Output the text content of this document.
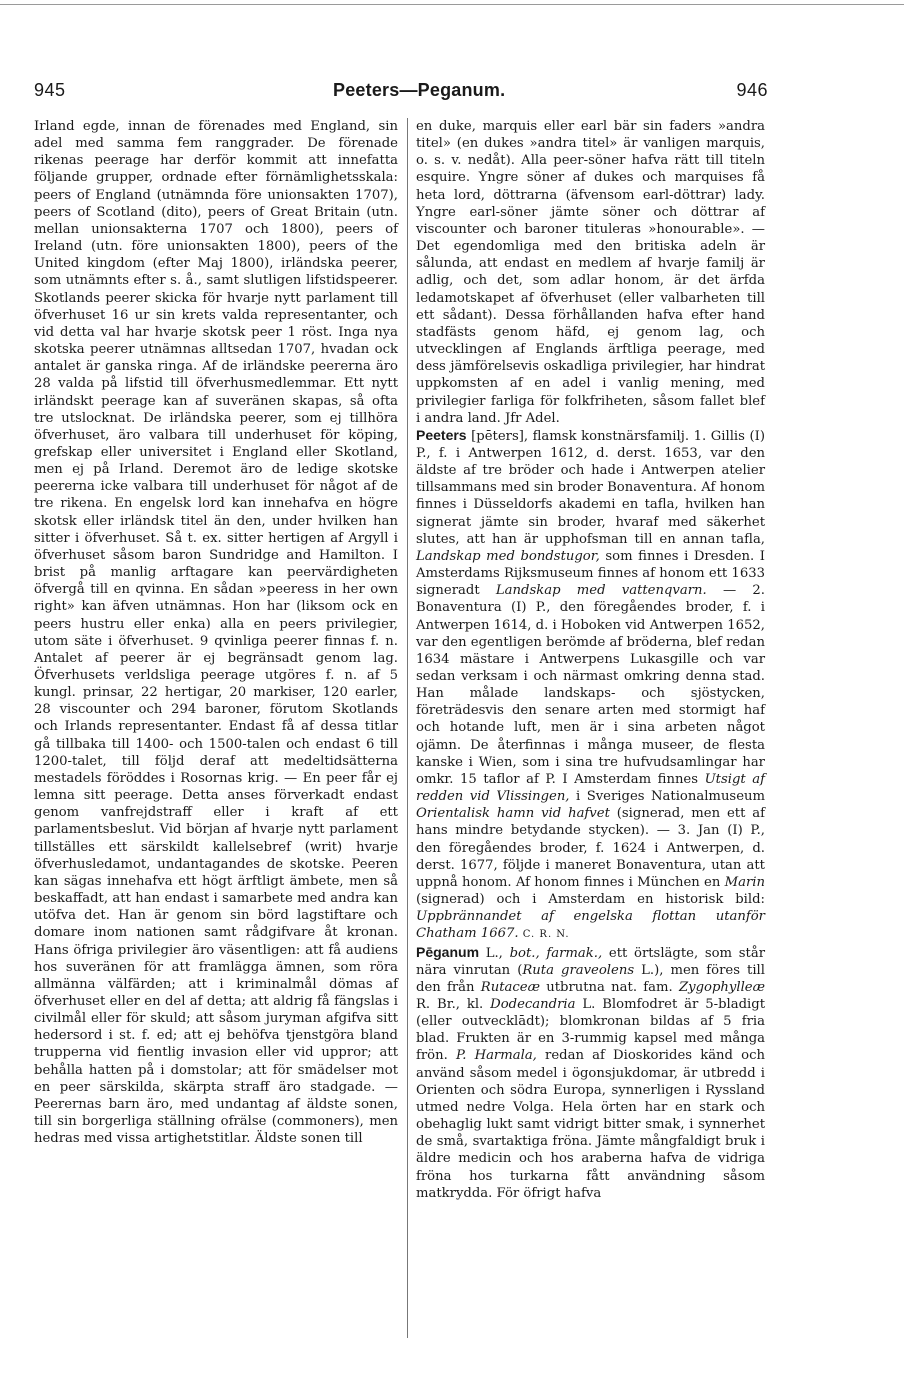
945	Peeters—Peganum.	946

Irland egde, innan de förenades med England, sin adel med samma fem ranggrader. De förenade rikenas peerage har derför kommit att innefatta följande grupper, ordnade efter förnämlighetsskala: peers of England (utnämnda före unionsakten 1707), peers of Scotland (dito), peers of Great Britain (utn. mellan unionsakterna 1707 och 1800), peers of Ireland (utn. före unionsakten 1800), peers of the United kingdom (efter Maj 1800), irländska peerer, som utnämnts efter s. å., samt slutligen lifstidspeerer. Skotlands peerer skicka för hvarje nytt parlament till öfverhuset 16 ur sin krets valda representanter, och vid detta val har hvarje skotsk peer 1 röst. Inga nya skotska peerer utnämnas alltsedan 1707, hvadan ock antalet är ganska ringa. Af de irländske peererna äro 28 valda på lifstid till öfverhusmedlemmar. Ett nytt irländskt peerage kan af suveränen skapas, så ofta tre utslocknat. De irländska peerer, som ej tillhöra öfverhuset, äro valbara till underhuset för köping, grefskap eller universitet i England eller Skotland, men ej på Irland. Deremot äro de ledige skotske peererna icke valbara till underhuset för något af de tre rikena. En engelsk lord kan innehafva en högre skotsk eller irländsk titel än den, under hvilken han sitter i öfverhuset. Så t. ex. sitter hertigen af Argyll i öfverhuset såsom baron Sundridge and Hamilton. I brist på manlig arftagare kan peervärdigheten öfvergå till en qvinna. En sådan »peeress in her own right» kan äfven utnämnas. Hon har (liksom ock en peers hustru eller enka) alla en peers privilegier, utom säte i öfverhuset. 9 qvinliga peerer finnas f. n. Antalet af peerer är ej begränsadt genom lag. Öfverhusets verldsliga peerage utgöres f. n. af 5 kungl. prinsar, 22 hertigar, 20 markiser, 120 earler, 28 viscounter och 294 baroner, förutom Skotlands och Irlands representanter. Endast få af dessa titlar gå tillbaka till 1400- och 1500-talen och endast 6 till 1200-talet, till följd deraf att medeltidsätterna mestadels föröddes i Rosornas krig. — En peer får ej lemna sitt peerage. Detta anses förverkadt endast genom vanfrejdstraff eller i kraft af ett parlamentsbeslut. Vid början af hvarje nytt parlament tillställes ett särskildt kallelsebref (writ) hvarje öfverhusledamot, undantagandes de skotske. Peeren kan sägas innehafva ett högt ärftligt ämbete, men så beskaffadt, att han endast i samarbete med andra kan utöfva det. Han är genom sin börd lagstiftare och domare inom nationen samt rådgifvare åt kronan. Hans öfriga privilegier äro väsentligen: att få audiens hos suveränen för att framlägga ämnen, som röra allmänna välfärden; att i kriminalmål dömas af öfverhuset eller en del af detta; att aldrig få fängslas i civilmål eller för skuld; att såsom juryman afgifva sitt hedersord i st. f. ed; att ej behöfva tjenstgöra bland trupperna vid fientlig invasion eller vid uppror; att behålla hatten på i domstolar; att för smädelser mot en peer särskilda, skärpta straff äro stadgade. — Peerernas barn äro, med undantag af äldste sonen, till sin borgerliga ställning ofrälse (commoners), men hedras med vissa artighetstitlar. Äldste sonen till

en duke, marquis eller earl bär sin faders »andra titel» (en dukes »andra titel» är vanligen marquis, o. s. v. nedåt). Alla peer-söner hafva rätt till titeln esquire. Yngre söner af dukes och marquises få heta lord, döttrarna (äfvensom earl-döttrar) lady. Yngre earl-söner jämte söner och döttrar af viscounter och baroner tituleras »honourable». — Det egendomliga med den britiska adeln är sålunda, att endast en medlem af hvarje familj är adlig, och det, som adlar honom, är det ärfda ledamotskapet af öfverhuset (eller valbarheten till ett sådant). Dessa förhållanden hafva efter hand stadfästs genom häfd, ej genom lag, och utvecklingen af Englands ärftliga peerage, med dess jämförelsevis oskadliga privilegier, har hindrat uppkomsten af en adel i vanlig mening, med privilegier farliga för folkfriheten, såsom fallet blef i andra land. Jfr Adel.

Peeters [pēters], flamsk konstnärsfamilj. 1. Gillis (I) P., f. i Antwerpen 1612, d. derst. 1653, var den äldste af tre bröder och hade i Antwerpen atelier tillsammans med sin broder Bonaventura. Af honom finnes i Düsseldorfs akademi en tafla, hvilken han signerat jämte sin broder, hvaraf med säkerhet slutes, att han är upphofsman till en annan tafla, Landskap med bondstugor, som finnes i Dresden. I Amsterdams Rijksmuseum finnes af honom ett 1633 signeradt Landskap med vattenqvarn. — 2. Bonaventura (I) P., den föregåendes broder, f. i Antwerpen 1614, d. i Hoboken vid Antwerpen 1652, var den egentligen berömde af bröderna, blef redan 1634 mästare i Antwerpens Lukasgille och var sedan verksam i och närmast omkring denna stad. Han målade landskaps- och sjöstycken, företrädesvis den senare arten med stormigt haf och hotande luft, men är i sina arbeten något ojämn. De återfinnas i många museer, de flesta kanske i Wien, som i sina tre hufvudsamlingar har omkr. 15 taflor af P. I Amsterdam finnes Utsigt af redden vid Vlissingen, i Sveriges Nationalmuseum Orientalisk hamn vid hafvet (signerad, men ett af hans mindre betydande stycken). — 3. Jan (I) P., den föregåendes broder, f. 1624 i Antwerpen, d. derst. 1677, följde i maneret Bonaventura, utan att uppnå honom. Af honom finnes i München en Marin (signerad) och i Amsterdam en historisk bild: Uppbrännandet af engelska flottan utanför Chatham 1667. C. R. N.

Pēganum L., bot., farmak., ett örtslägte, som står nära vinrutan (Ruta graveolens L.), men föres till den från Rutaceæ utbrutna nat. fam. Zygophylleæ R. Br., kl. Dodecandria L. Blomfodret är 5-bladigt (eller outvecklādt); blomkronan bildas af 5 fria blad. Frukten är en 3-rummig kapsel med många frön. P. Harmala, redan af Dioskorides känd och använd såsom medel i ögonsjukdomar, är utbredd i Orienten och södra Europa, synnerligen i Ryssland utmed nedre Volga. Hela örten har en stark och obehaglig lukt samt vidrigt bitter smak, i synnerhet de små, svartaktiga fröna. Jämte mångfaldigt bruk i äldre medicin och hos araberna hafva de vidriga fröna hos turkarna fått användning såsom matkrydda. För öfrigt hafva
